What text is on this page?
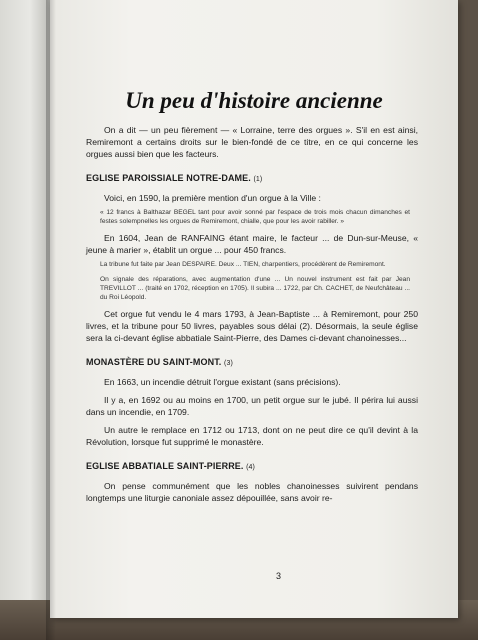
Un peu d'histoire ancienne

On a dit — un peu fièrement — « Lorraine, terre des orgues ». S'il en est ainsi, Remiremont a certains droits sur le bien-fondé de ce titre, en ce qui concerne les orgues aussi bien que les facteurs.

EGLISE PAROISSIALE NOTRE-DAME. (1)

Voici, en 1590, la première mention d'un orgue à la Ville :

« 12 francs à Balthazar BEGEL tant pour avoir sonné par l'espace de trois mois chacun dimanches et festes solempnelles les orgues de Remiremont, chialle, que pour les avoir rabiller. »

En 1604, Jean de RANFAING étant maire, le facteur ... de Dun-sur-Meuse, « jeune à marier », établit un orgue ... pour 450 francs.

La tribune fut faite par Jean DESPAIRE. Deux ... TIEN, charpentiers, procédèrent de Remiremont.

On signale des réparations, avec augmentation d'une ... Un nouvel instrument est fait par Jean TREVILLOT ... (traité en 1702, réception en 1705). Il subira ... 1722, par Ch. CACHET, de Neufchâteau ... du Roi Léopold.

Cet orgue fut vendu le 4 mars 1793, à Jean-Baptiste ... à Remiremont, pour 250 livres, et la tribune pour 50 livres, payables sous délai (2). Désormais, la seule église sera la ci-devant église abbatiale Saint-Pierre, des Dames ci-devant chanoinesses...

MONASTÈRE DU SAINT-MONT. (3)

En 1663, un incendie détruit l'orgue existant (sans précisions).

Il y a, en 1692 ou au moins en 1700, un petit orgue sur le jubé. Il périra lui aussi dans un incendie, en 1709.

Un autre le remplace en 1712 ou 1713, dont on ne peut dire ce qu'il devint à la Révolution, lorsque fut supprimé le monastère.

EGLISE ABBATIALE SAINT-PIERRE. (4)

On pense communément que les nobles chanoinesses suivirent pendans longtemps une liturgie canoniale assez dépouillée, sans avoir re-

3
